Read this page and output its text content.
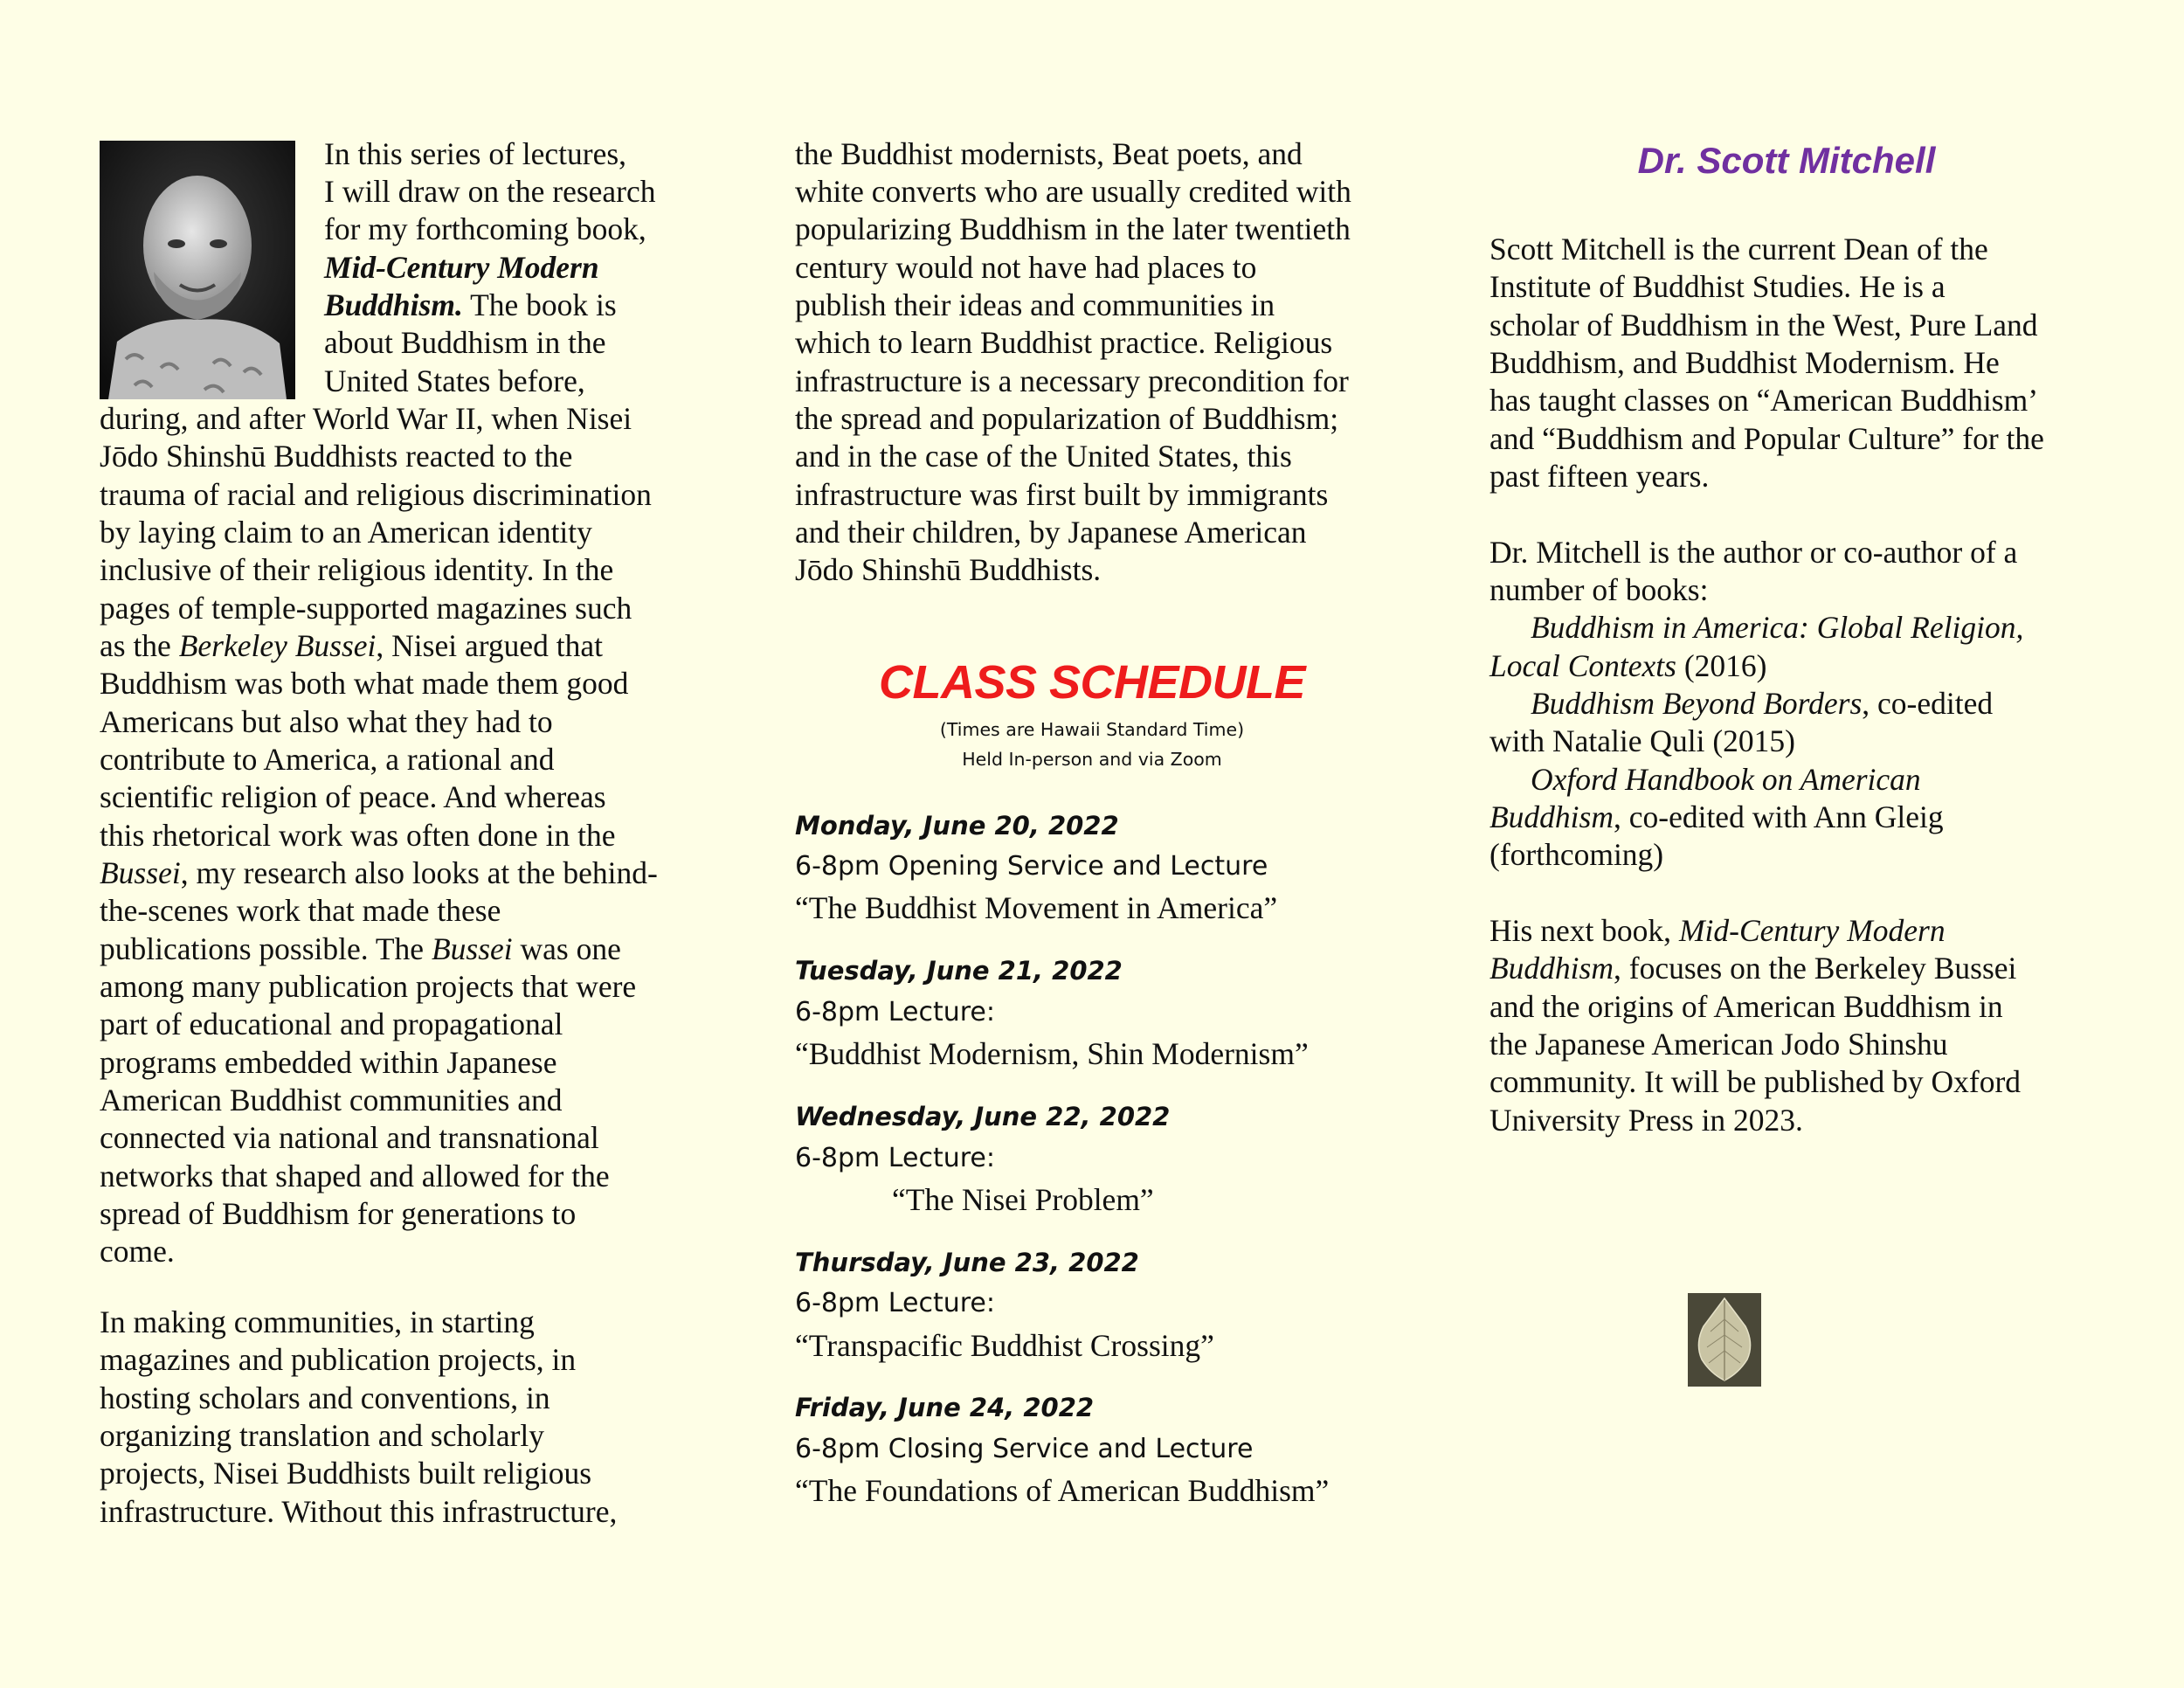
In this series of lectures,
I will draw on the research
for my forthcoming book,
Mid-Century Modern
Buddhism. The book is
about Buddhism in the
United States before,
during, and after World War II, when Nisei
Jōdo Shinshū Buddhists reacted to the
trauma of racial and religious discrimination
by laying claim to an American identity
inclusive of their religious identity. In the
pages of temple-supported magazines such
as the Berkeley Bussei, Nisei argued that
Buddhism was both what made them good
Americans but also what they had to
contribute to America, a rational and
scientific religion of peace. And whereas
this rhetorical work was often done in the
Bussei, my research also looks at the behind-
the-scenes work that made these
publications possible. The Bussei was one
among many publication projects that were
part of educational and propagational
programs embedded within Japanese
American Buddhist communities and
connected via national and transnational
networks that shaped and allowed for the
spread of Buddhism for generations to
come.
In making communities, in starting
magazines and publication projects, in
hosting scholars and conventions, in
organizing translation and scholarly
projects, Nisei Buddhists built religious
infrastructure. Without this infrastructure,
the Buddhist modernists, Beat poets, and
white converts who are usually credited with
popularizing Buddhism in the later twentieth
century would not have had places to
publish their ideas and communities in
which to learn Buddhist practice. Religious
infrastructure is a necessary precondition for
the spread and popularization of Buddhism;
and in the case of the United States, this
infrastructure was first built by immigrants
and their children, by Japanese American
Jōdo Shinshū Buddhists.
CLASS SCHEDULE
(Times are Hawaii Standard Time)
Held In-person and via Zoom
Monday, June 20, 2022
6-8pm Opening Service and Lecture
“The Buddhist Movement in America”
Tuesday, June 21, 2022
6-8pm Lecture:
“Buddhist Modernism, Shin Modernism”
Wednesday, June 22, 2022
6-8pm Lecture:
“The Nisei Problem”
Thursday, June 23, 2022
6-8pm Lecture:
“Transpacific Buddhist Crossing”
Friday, June 24, 2022
6-8pm Closing Service and Lecture
“The Foundations of American Buddhism”
Dr. Scott Mitchell
Scott Mitchell is the current Dean of the
Institute of Buddhist Studies. He is a
scholar of Buddhism in the West, Pure Land
Buddhism, and Buddhist Modernism. He
has taught classes on “American Buddhism’
and “Buddhism and Popular Culture” for the
past fifteen years.
Dr. Mitchell is the author or co-author of a
number of books:
Buddhism in America: Global Religion,
Local Contexts (2016)
Buddhism Beyond Borders, co-edited
with Natalie Quli (2015)
Oxford Handbook on American
Buddhism, co-edited with Ann Gleig
(forthcoming)
His next book, Mid-Century Modern
Buddhism, focuses on the Berkeley Bussei
and the origins of American Buddhism in
the Japanese American Jodo Shinshu
community. It will be published by Oxford
University Press in 2023.
